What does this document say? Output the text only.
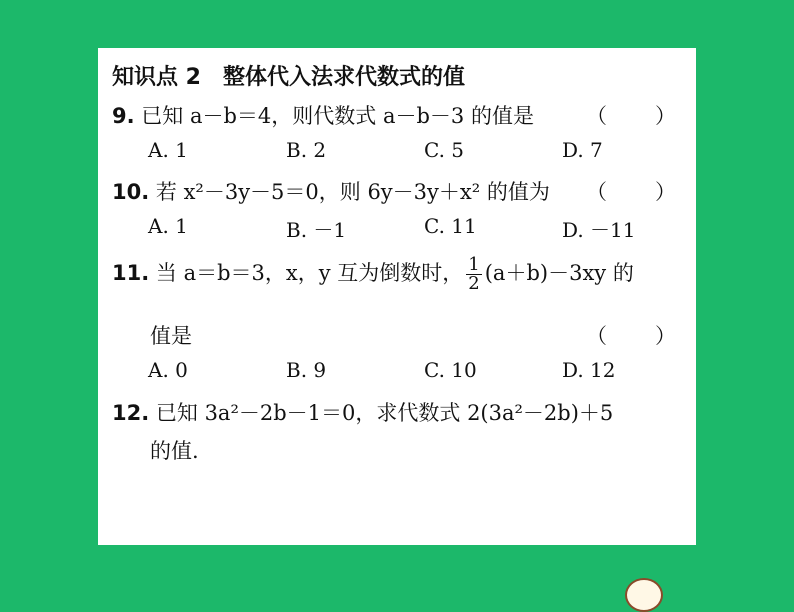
知识点 2　整体代入法求代数式的值
9. 已知 a－b＝4，则代数式 a－b－3 的值是 （　　）
A. 1	B. 2	C. 5	D. 7
10. 若 x²－3y－5＝0，则 6y－3y＋x² 的值为 （　　）
A. 1	B. －1	C. 11	D. －11
11. 当 a＝b＝3，x，y 互为倒数时， $\frac{1}{2} (a+b)-3xy$ 的
值是	（　　）
A. 0	B. 9	C. 10	D. 12
12. 已知 3a²－2b－1＝0，求代数式 2(3a²－2b)＋5
的值.
